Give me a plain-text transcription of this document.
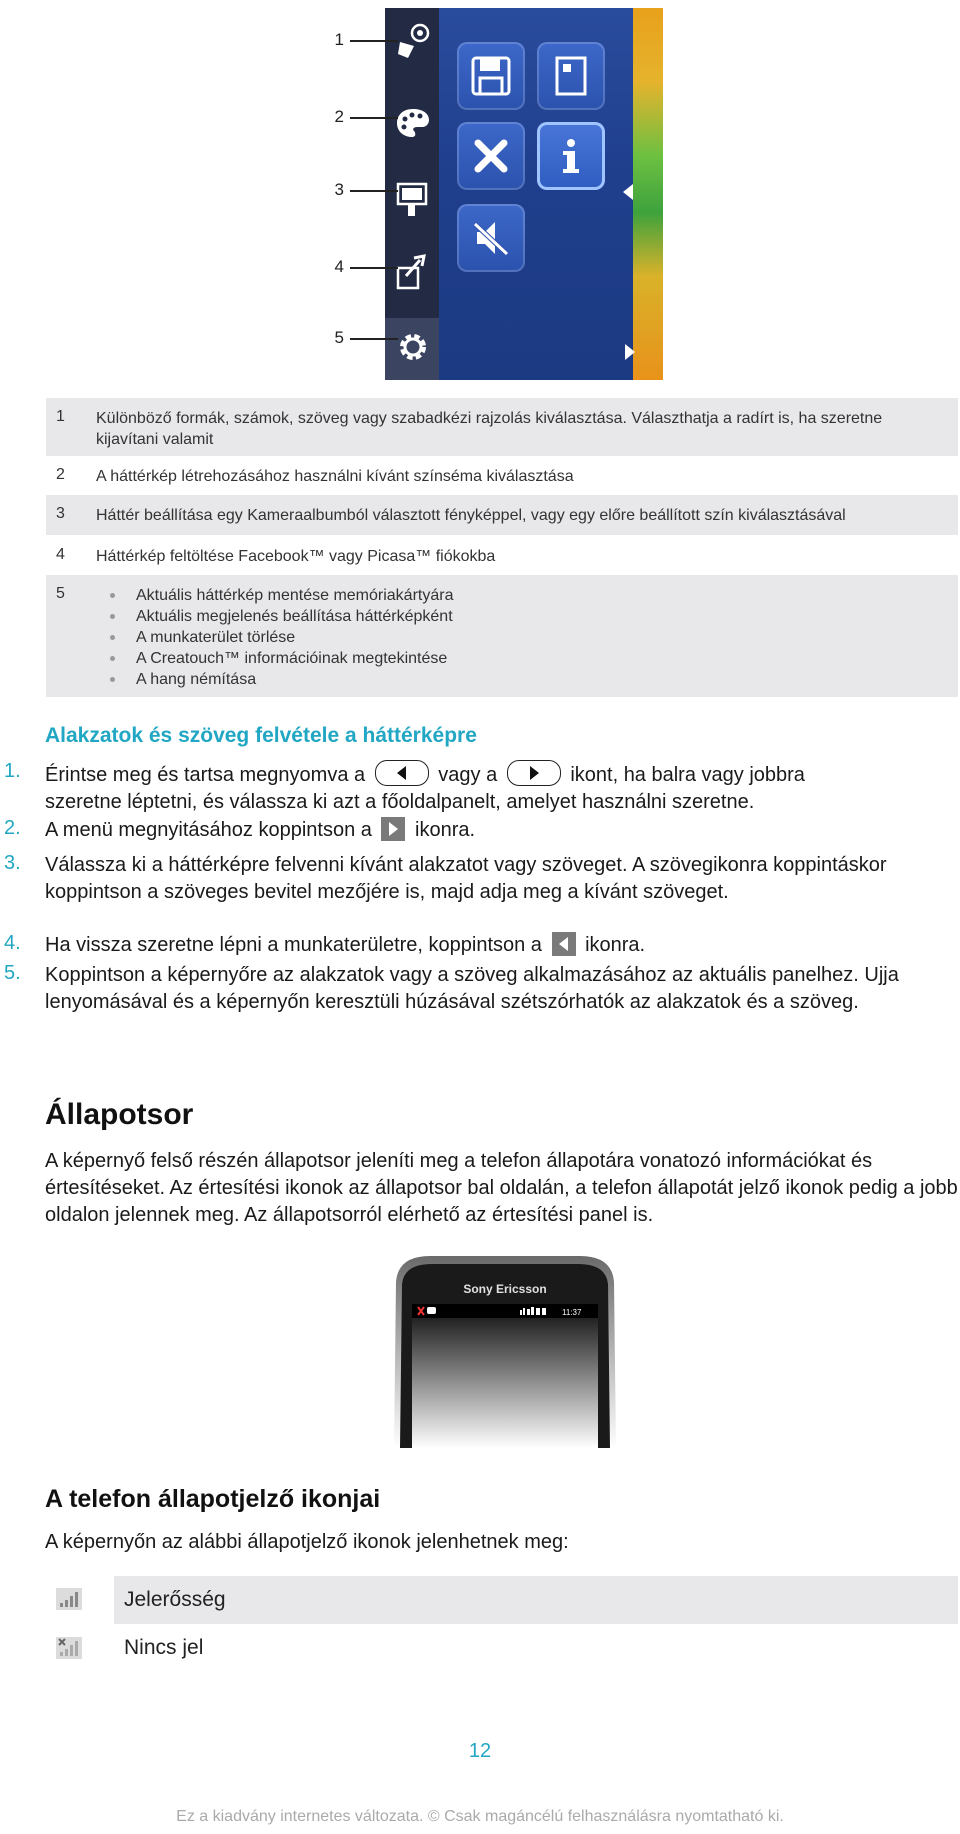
1
2
3
4
5
1 Különböző formák, számok, szöveg vagy szabadkézi rajzolás kiválasztása. Választhatja a radírt is, ha szeretne kijavítani valamit
2 A háttérkép létrehozásához használni kívánt színséma kiválasztása
3 Háttér beállítása egy Kameraalbumból választott fényképpel, vagy egy előre beállított szín kiválasztásával
4 Háttérkép feltöltése Facebook™ vagy Picasa™ fiókokba
5	Aktuális háttérkép mentése memóriakártyára
Aktuális megjelenés beállítása háttérképként
A munkaterület törlése
A Creatouch™ információinak megtekintése
A hang némítása
Alakzatok és szöveg felvétele a háttérképre
1. Érintse meg és tartsa megnyomva a	vagy a	ikont, ha balra vagy jobbra
szeretne léptetni, és válassza ki azt a főoldalpanelt, amelyet használni szeretne.
2. A menü megnyitásához koppintson a ikonra.
3. Válassza ki a háttérképre felvenni kívánt alakzatot vagy szöveget. A szövegikonra koppintáskor koppintson a szöveges bevitel mezőjére is, majd adja meg a kívánt szöveget.
4. Ha vissza szeretne lépni a munkaterületre, koppintson a ikonra.
5. Koppintson a képernyőre az alakzatok vagy a szöveg alkalmazásához az aktuális panelhez. Ujja lenyomásával és a képernyőn keresztüli húzásával szétszórhatók az alakzatok és a szöveg.
Állapotsor
A képernyő felső részén állapotsor jeleníti meg a telefon állapotára vonatozó információkat és értesítéseket. Az értesítési ikonok az állapotsor bal oldalán, a telefon állapotát jelző ikonok pedig a jobb oldalon jelennek meg. Az állapotsorról elérhető az értesítési panel is.
Sony Ericsson
11:37
A telefon állapotjelző ikonjai
A képernyőn az alábbi állapotjelző ikonok jelenhetnek meg:
Jelerősség
Nincs jel
12
Ez a kiadvány internetes változata. © Csak magáncélú felhasználásra nyomtatható ki.
